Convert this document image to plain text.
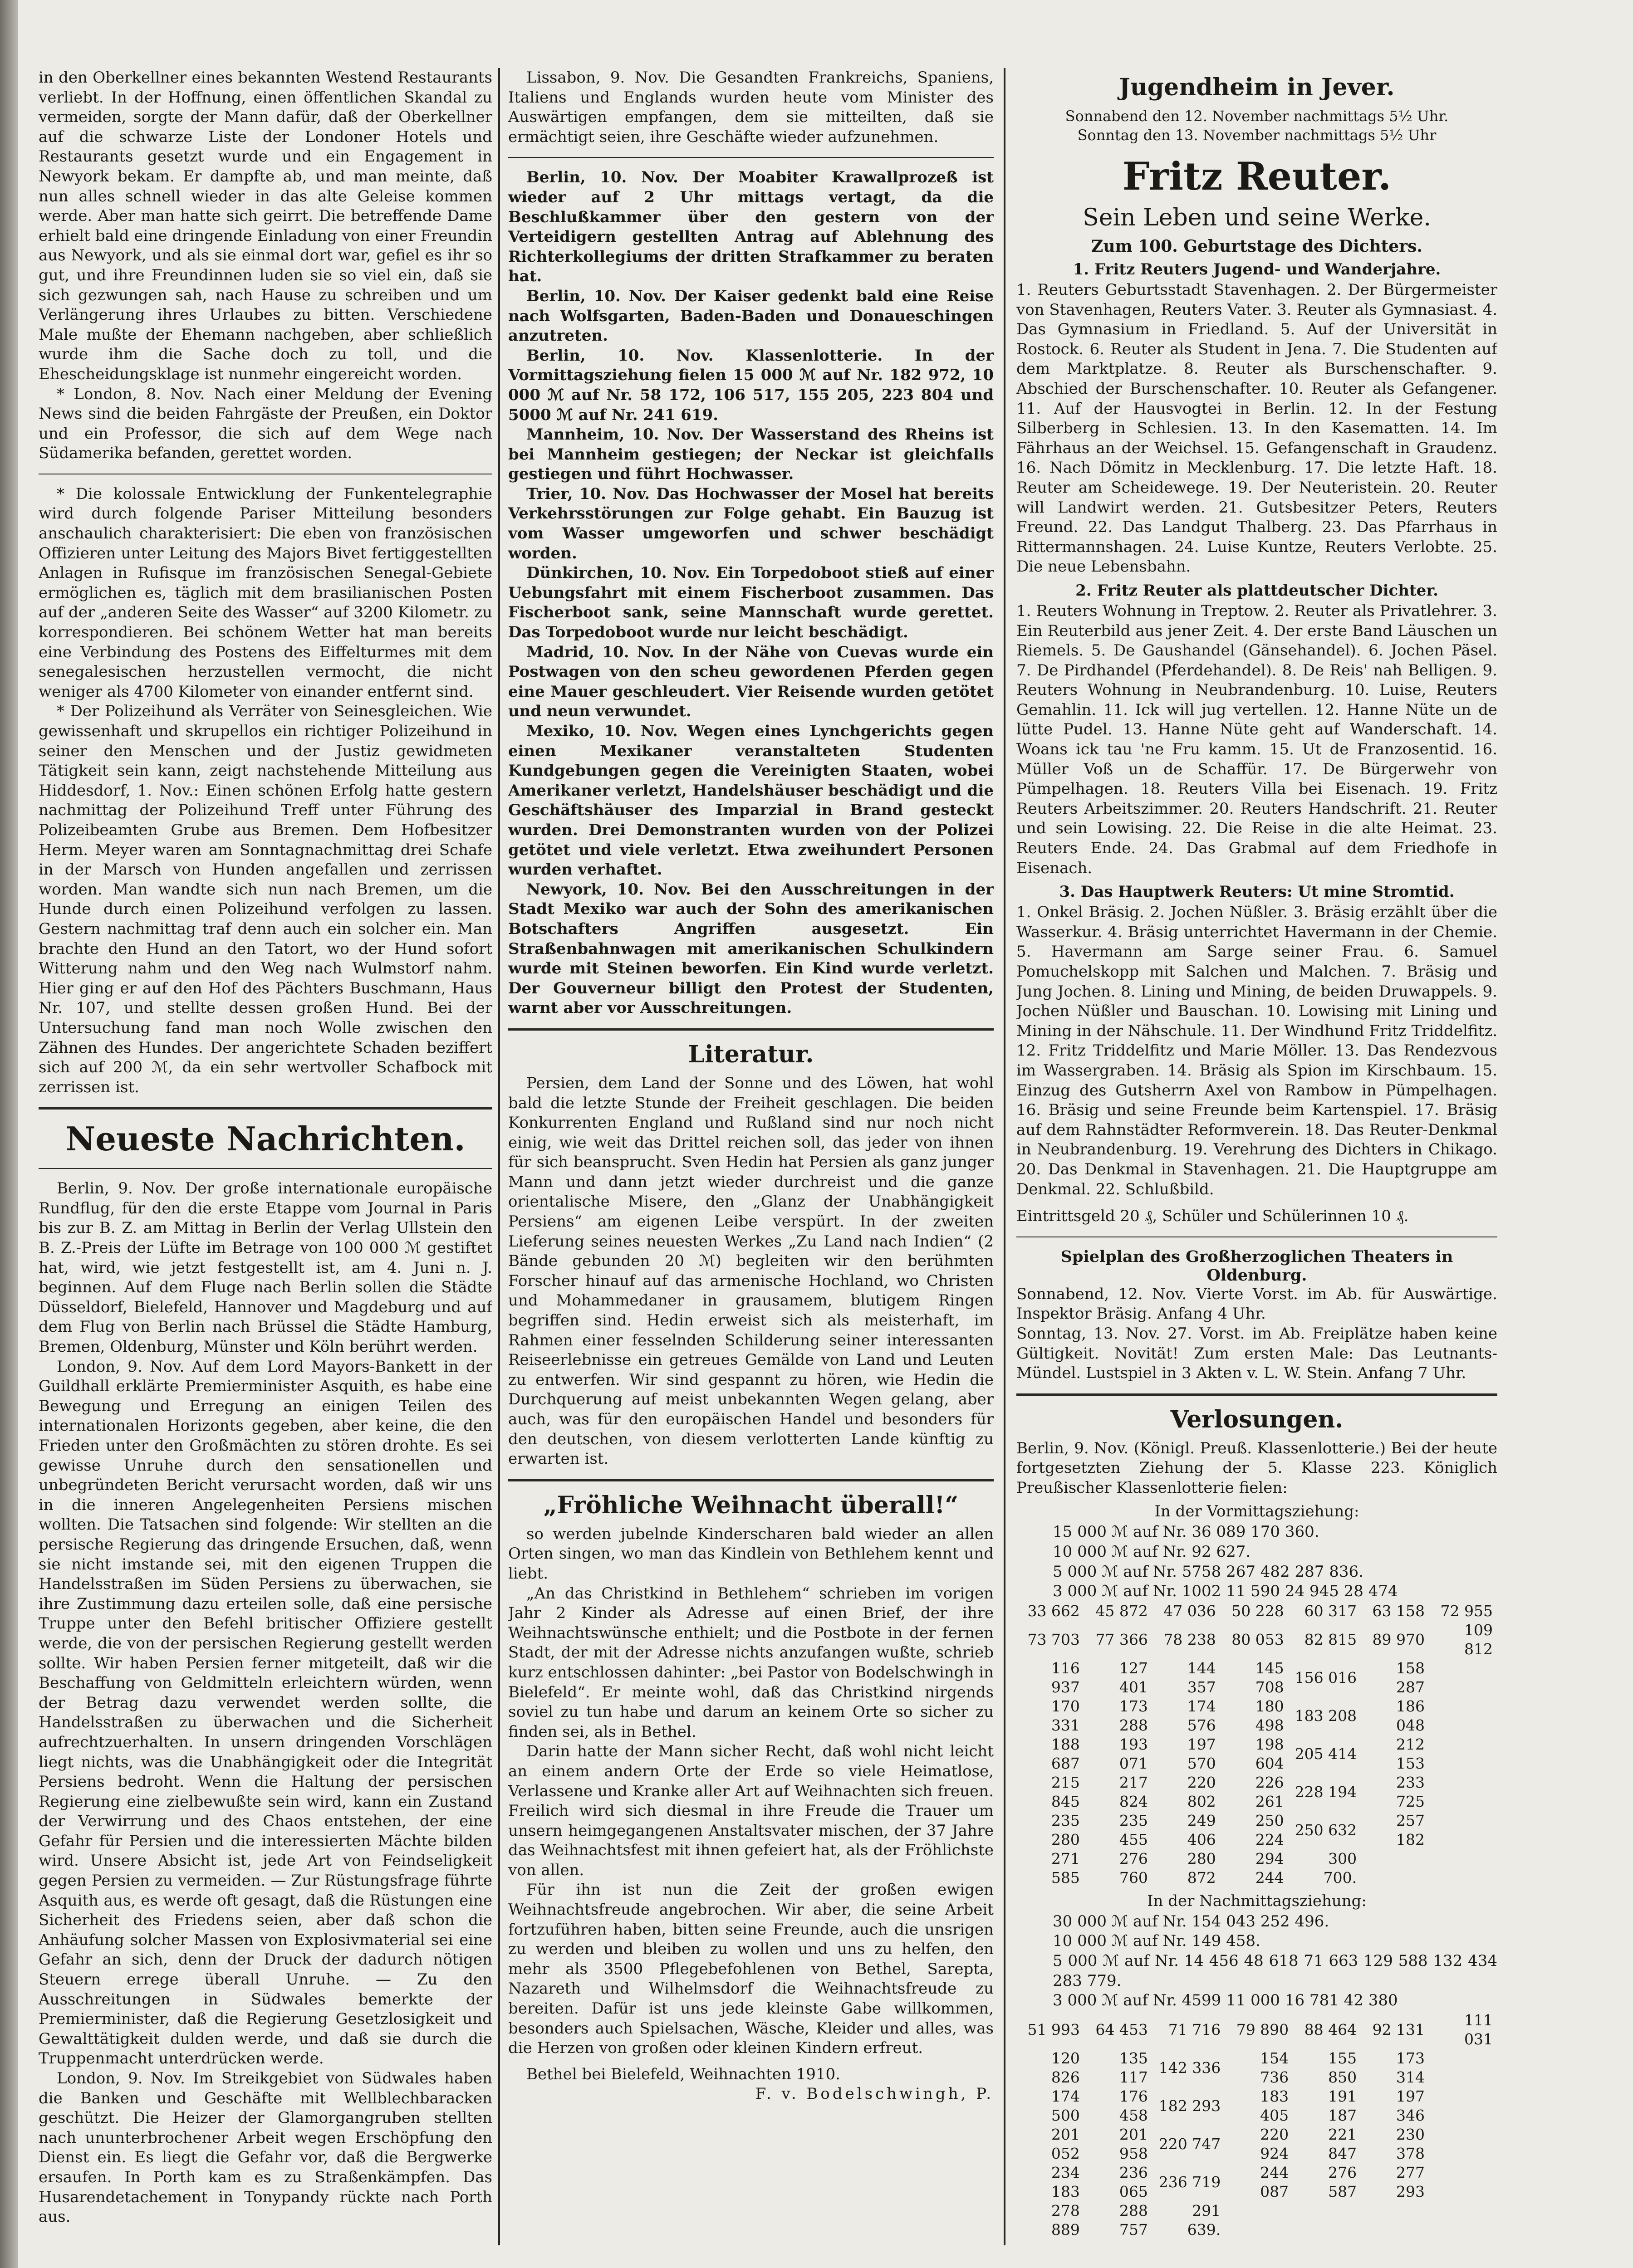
in den Oberkellner eines bekannten Westend Restaurants verliebt. In der Hoffnung, einen öffentlichen Skandal zu vermeiden, sorgte der Mann dafür, daß der Oberkellner auf die schwarze Liste der Londoner Hotels und Restaurants gesetzt wurde und ein Engagement in Newyork bekam. Er dampfte ab, und man meinte, daß nun alles schnell wieder in das alte Geleise kommen werde. Aber man hatte sich geirrt. Die betreffende Dame erhielt bald eine dringende Einladung von einer Freundin aus Newyork, und als sie einmal dort war, gefiel es ihr so gut, und ihre Freundinnen luden sie so viel ein, daß sie sich gezwungen sah, nach Hause zu schreiben und um Verlängerung ihres Urlaubes zu bitten. Verschiedene Male mußte der Ehemann nachgeben, aber schließlich wurde ihm die Sache doch zu toll, und die Ehescheidungsklage ist nunmehr eingereicht worden.

* London, 8. Nov. Nach einer Meldung der Evening News sind die beiden Fahrgäste der Preußen, ein Doktor und ein Professor, die sich auf dem Wege nach Südamerika befanden, gerettet worden.

* Die kolossale Entwicklung der Funkentelegraphie wird durch folgende Pariser Mitteilung besonders anschaulich charakterisiert: Die eben von französischen Offizieren unter Leitung des Majors Bivet fertiggestellten Anlagen in Rufisque im französischen Senegal-Gebiete ermöglichen es, täglich mit dem brasilianischen Posten auf der „anderen Seite des Wasser“ auf 3200 Kilometr. zu korrespondieren. Bei schönem Wetter hat man bereits eine Verbindung des Postens des Eiffelturmes mit dem senegalesischen herzustellen vermocht, die nicht weniger als 4700 Kilometer von einander entfernt sind.

* Der Polizeihund als Verräter von Seinesgleichen. Wie gewissenhaft und skrupellos ein richtiger Polizeihund in seiner den Menschen und der Justiz gewidmeten Tätigkeit sein kann, zeigt nachstehende Mitteilung aus Hiddesdorf, 1. Nov.: Einen schönen Erfolg hatte gestern nachmittag der Polizeihund Treff unter Führung des Polizeibeamten Grube aus Bremen. Dem Hofbesitzer Herm. Meyer waren am Sonntagnachmittag drei Schafe in der Marsch von Hunden angefallen und zerrissen worden. Man wandte sich nun nach Bremen, um die Hunde durch einen Polizeihund verfolgen zu lassen. Gestern nachmittag traf denn auch ein solcher ein. Man brachte den Hund an den Tatort, wo der Hund sofort Witterung nahm und den Weg nach Wulmstorf nahm. Hier ging er auf den Hof des Pächters Buschmann, Haus Nr. 107, und stellte dessen großen Hund. Bei der Untersuchung fand man noch Wolle zwischen den Zähnen des Hundes. Der angerichtete Schaden beziffert sich auf 200 ℳ, da ein sehr wertvoller Schafbock mit zerrissen ist.

Neueste Nachrichten.

Berlin, 9. Nov. Der große internationale europäische Rundflug, für den die erste Etappe vom Journal in Paris bis zur B. Z. am Mittag in Berlin der Verlag Ullstein den B. Z.-Preis der Lüfte im Betrage von 100 000 ℳ gestiftet hat, wird, wie jetzt festgestellt ist, am 4. Juni n. J. beginnen. Auf dem Fluge nach Berlin sollen die Städte Düsseldorf, Bielefeld, Hannover und Magdeburg und auf dem Flug von Berlin nach Brüssel die Städte Hamburg, Bremen, Oldenburg, Münster und Köln berührt werden.

London, 9. Nov. Auf dem Lord Mayors-Bankett in der Guildhall erklärte Premierminister Asquith, es habe eine Bewegung und Erregung an einigen Teilen des internationalen Horizonts gegeben, aber keine, die den Frieden unter den Großmächten zu stören drohte. Es sei gewisse Unruhe durch den sensationellen und unbegründeten Bericht verursacht worden, daß wir uns in die inneren Angelegenheiten Persiens mischen wollten. Die Tatsachen sind folgende: Wir stellten an die persische Regierung das dringende Ersuchen, daß, wenn sie nicht imstande sei, mit den eigenen Truppen die Handelsstraßen im Süden Persiens zu überwachen, sie ihre Zustimmung dazu erteilen solle, daß eine persische Truppe unter den Befehl britischer Offiziere gestellt werde, die von der persischen Regierung gestellt werden sollte. Wir haben Persien ferner mitgeteilt, daß wir die Beschaffung von Geldmitteln erleichtern würden, wenn der Betrag dazu verwendet werden sollte, die Handelsstraßen zu überwachen und die Sicherheit aufrechtzuerhalten. In unsern dringenden Vorschlägen liegt nichts, was die Unabhängigkeit oder die Integrität Persiens bedroht. Wenn die Haltung der persischen Regierung eine zielbewußte sein wird, kann ein Zustand der Verwirrung und des Chaos entstehen, der eine Gefahr für Persien und die interessierten Mächte bilden wird. Unsere Absicht ist, jede Art von Feindseligkeit gegen Persien zu vermeiden. — Zur Rüstungsfrage führte Asquith aus, es werde oft gesagt, daß die Rüstungen eine Sicherheit des Friedens seien, aber daß schon die Anhäufung solcher Massen von Explosivmaterial sei eine Gefahr an sich, denn der Druck der dadurch nötigen Steuern errege überall Unruhe. — Zu den Ausschreitungen in Südwales bemerkte der Premierminister, daß die Regierung Gesetzlosigkeit und Gewalttätigkeit dulden werde, und daß sie durch die Truppenmacht unterdrücken werde.

London, 9. Nov. Im Streikgebiet von Südwales haben die Banken und Geschäfte mit Wellblechbaracken geschützt. Die Heizer der Glamorgangruben stellten nach ununterbrochener Arbeit wegen Erschöpfung den Dienst ein. Es liegt die Gefahr vor, daß die Bergwerke ersaufen. In Porth kam es zu Straßenkämpfen. Das Husarendetachement in Tonypandy rückte nach Porth aus.

Lissabon, 9. Nov. Die Gesandten Frankreichs, Spaniens, Italiens und Englands wurden heute vom Minister des Auswärtigen empfangen, dem sie mitteilten, daß sie ermächtigt seien, ihre Geschäfte wieder aufzunehmen.

Berlin, 10. Nov. Der Moabiter Krawallprozeß ist wieder auf 2 Uhr mittags vertagt, da die Beschlußkammer über den gestern von der Verteidigern gestellten Antrag auf Ablehnung des Richterkollegiums der dritten Strafkammer zu beraten hat.

Berlin, 10. Nov. Der Kaiser gedenkt bald eine Reise nach Wolfsgarten, Baden-Baden und Donaueschingen anzutreten.

Berlin, 10. Nov. Klassenlotterie. In der Vormittagsziehung fielen 15 000 ℳ auf Nr. 182 972, 10 000 ℳ auf Nr. 58 172, 106 517, 155 205, 223 804 und 5000 ℳ auf Nr. 241 619.

Mannheim, 10. Nov. Der Wasserstand des Rheins ist bei Mannheim gestiegen; der Neckar ist gleichfalls gestiegen und führt Hochwasser.

Trier, 10. Nov. Das Hochwasser der Mosel hat bereits Verkehrsstörungen zur Folge gehabt. Ein Bauzug ist vom Wasser umgeworfen und schwer beschädigt worden.

Dünkirchen, 10. Nov. Ein Torpedoboot stieß auf einer Uebungsfahrt mit einem Fischerboot zusammen. Das Fischerboot sank, seine Mannschaft wurde gerettet. Das Torpedoboot wurde nur leicht beschädigt.

Madrid, 10. Nov. In der Nähe von Cuevas wurde ein Postwagen von den scheu gewordenen Pferden gegen eine Mauer geschleudert. Vier Reisende wurden getötet und neun verwundet.

Mexiko, 10. Nov. Wegen eines Lynchgerichts gegen einen Mexikaner veranstalteten Studenten Kundgebungen gegen die Vereinigten Staaten, wobei Amerikaner verletzt, Handelshäuser beschädigt und die Geschäftshäuser des Imparzial in Brand gesteckt wurden. Drei Demonstranten wurden von der Polizei getötet und viele verletzt. Etwa zweihundert Personen wurden verhaftet.

Newyork, 10. Nov. Bei den Ausschreitungen in der Stadt Mexiko war auch der Sohn des amerikanischen Botschafters Angriffen ausgesetzt. Ein Straßenbahnwagen mit amerikanischen Schulkindern wurde mit Steinen beworfen. Ein Kind wurde verletzt. Der Gouverneur billigt den Protest der Studenten, warnt aber vor Ausschreitungen.

Literatur.

Persien, dem Land der Sonne und des Löwen, hat wohl bald die letzte Stunde der Freiheit geschlagen. Die beiden Konkurrenten England und Rußland sind nur noch nicht einig, wie weit das Drittel reichen soll, das jeder von ihnen für sich beansprucht. Sven Hedin hat Persien als ganz junger Mann und dann jetzt wieder durchreist und die ganze orientalische Misere, den „Glanz der Unabhängigkeit Persiens“ am eigenen Leibe verspürt. In der zweiten Lieferung seines neuesten Werkes „Zu Land nach Indien“ (2 Bände gebunden 20 ℳ) begleiten wir den berühmten Forscher hinauf auf das armenische Hochland, wo Christen und Mohammedaner in grausamem, blutigem Ringen begriffen sind. Hedin erweist sich als meisterhaft, im Rahmen einer fesselnden Schilderung seiner interessanten Reiseerlebnisse ein getreues Gemälde von Land und Leuten zu entwerfen. Wir sind gespannt zu hören, wie Hedin die Durchquerung auf meist unbekannten Wegen gelang, aber auch, was für den europäischen Handel und besonders für den deutschen, von diesem verlotterten Lande künftig zu erwarten ist.

„Fröhliche Weihnacht überall!“

so werden jubelnde Kinderscharen bald wieder an allen Orten singen, wo man das Kindlein von Bethlehem kennt und liebt.

„An das Christkind in Bethlehem“ schrieben im vorigen Jahr 2 Kinder als Adresse auf einen Brief, der ihre Weihnachtswünsche enthielt; und die Postbote in der fernen Stadt, der mit der Adresse nichts anzufangen wußte, schrieb kurz entschlossen dahinter: „bei Pastor von Bodelschwingh in Bielefeld“. Er meinte wohl, daß das Christkind nirgends soviel zu tun habe und darum an keinem Orte so sicher zu finden sei, als in Bethel.

Darin hatte der Mann sicher Recht, daß wohl nicht leicht an einem andern Orte der Erde so viele Heimatlose, Verlassene und Kranke aller Art auf Weihnachten sich freuen. Freilich wird sich diesmal in ihre Freude die Trauer um unsern heimgegangenen Anstaltsvater mischen, der 37 Jahre das Weihnachtsfest mit ihnen gefeiert hat, als der Fröhlichste von allen.

Für ihn ist nun die Zeit der großen ewigen Weihnachtsfreude angebrochen. Wir aber, die seine Arbeit fortzuführen haben, bitten seine Freunde, auch die unsrigen zu werden und bleiben zu wollen und uns zu helfen, den mehr als 3500 Pflegebefohlenen von Bethel, Sarepta, Nazareth und Wilhelmsdorf die Weihnachtsfreude zu bereiten. Dafür ist uns jede kleinste Gabe willkommen, besonders auch Spielsachen, Wäsche, Kleider und alles, was die Herzen von großen oder kleinen Kindern erfreut.

Bethel bei Bielefeld, Weihnachten 1910.

F. v. Bodelschwingh, P.

Jugendheim in Jever.
Sonnabend den 12. November nachmittags 5½ Uhr.
Sonntag den 13. November nachmittags 5½ Uhr
Fritz Reuter.
Sein Leben und seine Werke.
Zum 100. Geburtstage des Dichters.
1. Fritz Reuters Jugend- und Wanderjahre.

1. Reuters Geburtsstadt Stavenhagen. 2. Der Bürgermeister von Stavenhagen, Reuters Vater. 3. Reuter als Gymnasiast. 4. Das Gymnasium in Friedland. 5. Auf der Universität in Rostock. 6. Reuter als Student in Jena. 7. Die Studenten auf dem Marktplatze. 8. Reuter als Burschenschafter. 9. Abschied der Burschenschafter. 10. Reuter als Gefangener. 11. Auf der Hausvogtei in Berlin. 12. In der Festung Silberberg in Schlesien. 13. In den Kasematten. 14. Im Fährhaus an der Weichsel. 15. Gefangenschaft in Graudenz. 16. Nach Dömitz in Mecklenburg. 17. Die letzte Haft. 18. Reuter am Scheidewege. 19. Der Neuteristein. 20. Reuter will Landwirt werden. 21. Gutsbesitzer Peters, Reuters Freund. 22. Das Landgut Thalberg. 23. Das Pfarrhaus in Rittermannshagen. 24. Luise Kuntze, Reuters Verlobte. 25. Die neue Lebensbahn.

2. Fritz Reuter als plattdeutscher Dichter.

1. Reuters Wohnung in Treptow. 2. Reuter als Privatlehrer. 3. Ein Reuterbild aus jener Zeit. 4. Der erste Band Läuschen un Riemels. 5. De Gaushandel (Gänsehandel). 6. Jochen Päsel. 7. De Pirdhandel (Pferdehandel). 8. De Reis' nah Belligen. 9. Reuters Wohnung in Neubrandenburg. 10. Luise, Reuters Gemahlin. 11. Ick will jug vertellen. 12. Hanne Nüte un de lütte Pudel. 13. Hanne Nüte geht auf Wanderschaft. 14. Woans ick tau 'ne Fru kamm. 15. Ut de Franzosentid. 16. Müller Voß un de Schaffür. 17. De Bürgerwehr von Pümpelhagen. 18. Reuters Villa bei Eisenach. 19. Fritz Reuters Arbeitszimmer. 20. Reuters Handschrift. 21. Reuter und sein Lowising. 22. Die Reise in die alte Heimat. 23. Reuters Ende. 24. Das Grabmal auf dem Friedhofe in Eisenach.

3. Das Hauptwerk Reuters: Ut mine Stromtid.

1. Onkel Bräsig. 2. Jochen Nüßler. 3. Bräsig erzählt über die Wasserkur. 4. Bräsig unterrichtet Havermann in der Chemie. 5. Havermann am Sarge seiner Frau. 6. Samuel Pomuchelskopp mit Salchen und Malchen. 7. Bräsig und Jung Jochen. 8. Lining und Mining, de beiden Druwappels. 9. Jochen Nüßler und Bauschan. 10. Lowising mit Lining und Mining in der Nähschule. 11. Der Windhund Fritz Triddelfitz. 12. Fritz Triddelfitz und Marie Möller. 13. Das Rendezvous im Wassergraben. 14. Bräsig als Spion im Kirschbaum. 15. Einzug des Gutsherrn Axel von Rambow in Pümpelhagen. 16. Bräsig und seine Freunde beim Kartenspiel. 17. Bräsig auf dem Rahnstädter Reformverein. 18. Das Reuter-Denkmal in Neubrandenburg. 19. Verehrung des Dichters in Chikago. 20. Das Denkmal in Stavenhagen. 21. Die Hauptgruppe am Denkmal. 22. Schlußbild.

Eintrittsgeld 20 ₰, Schüler und Schülerinnen 10 ₰.

Spielplan des Großherzoglichen Theaters in Oldenburg.

Sonnabend, 12. Nov. Vierte Vorst. im Ab. für Auswärtige. Inspektor Bräsig. Anfang 4 Uhr.

Sonntag, 13. Nov. 27. Vorst. im Ab. Freiplätze haben keine Gültigkeit. Novität! Zum ersten Male: Das Leutnants-Mündel. Lustspiel in 3 Akten v. L. W. Stein. Anfang 7 Uhr.

Verlosungen.

Berlin, 9. Nov. (Königl. Preuß. Klassenlotterie.) Bei der heute fortgesetzten Ziehung der 5. Klasse 223. Königlich Preußischer Klassenlotterie fielen:

In der Vormittagsziehung:

15 000 ℳ auf Nr. 36 089 170 360.

10 000 ℳ auf Nr. 92 627.

5 000 ℳ auf Nr. 5758 267 482 287 836.

3 000 ℳ auf Nr. 1002 11 590 24 945 28 474

33 662	45 872	47 036	50 228	60 317	63 158	72 955
73 703	77 366	78 238	80 053	82 815	89 970	109 812
116 937	127 401	144 357	145 708	156 016	158 287	
170 331	173 288	174 576	180 498	183 208	186 048	
188 687	193 071	197 570	198 604	205 414	212 153	
215 845	217 824	220 802	226 261	228 194	233 725	
235 280	235 455	249 406	250 224	250 632	257 182	
271 585	276 760	280 872	294 244	300 700.		
In der Nachmittagsziehung:

30 000 ℳ auf Nr. 154 043 252 496.

10 000 ℳ auf Nr. 149 458.

5 000 ℳ auf Nr. 14 456 48 618 71 663 129 588 132 434 283 779.

3 000 ℳ auf Nr. 4599 11 000 16 781 42 380

51 993	64 453	71 716	79 890	88 464	92 131	111 031
120 826	135 117	142 336	154 736	155 850	173 314	
174 500	176 458	182 293	183 405	191 187	197 346	
201 052	201 958	220 747	220 924	221 847	230 378	
234 183	236 065	236 719	244 087	276 587	277 293	
278 889	288 757	291 639.				
